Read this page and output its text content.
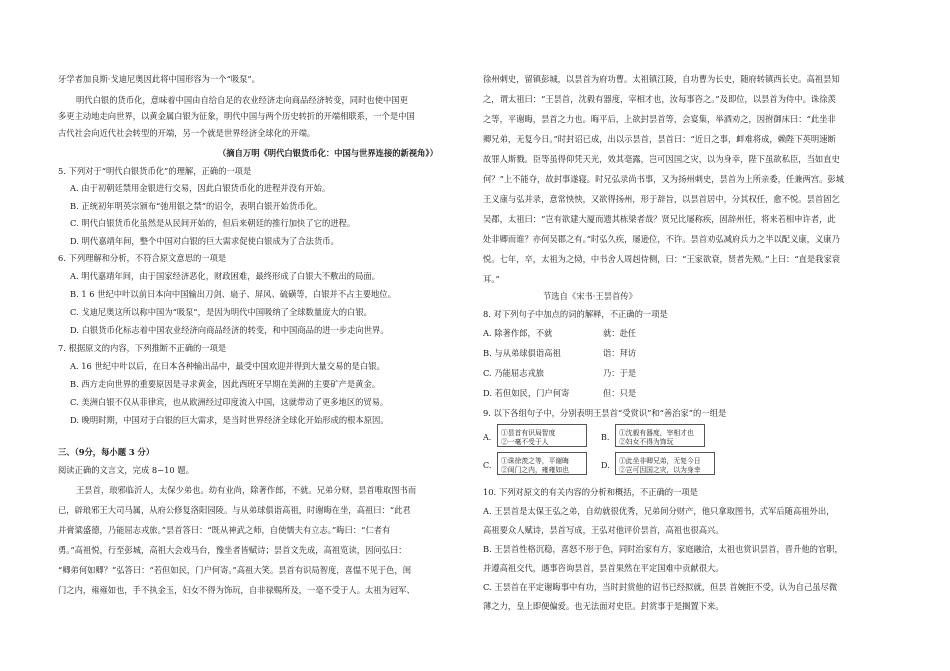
牙学者加良斯·戈迪尼奥因此将中国形容为一个“吸泵”。
明代白银的货币化，意味着中国由自给自足的农业经济走向商品经济转变，同时也使中国更
多更主动地走向世界，以黄金属白银为征象，明代中国与两个历史转折的开端相联系，一个是中国
古代社会向近代社会转型的开端，另一个就是世界经济全球化的开端。
（摘自万明《明代白银货币化：中国与世界连接的新视角》）
5. 下列对于“明代白银货币化”的理解，正确的一项是
A. 由于初朝廷禁用金银进行交易，因此白银货币化的进程并没有开始。
B. 正统初年明英宗颁布“弛用银之禁”的诏令，表明白银开始货币化。
C. 明代白银货币化虽然是从民间开始的，但后来朝廷的推行加快了它的进程。
D. 明代嘉靖年间，整个中国对白银的巨大需求促使白银成为了合法货币。
6. 下列理解和分析，不符合原文意思的一项是
A. 明代嘉靖年间，由于国家经济恶化，财政困难，最终形成了白银大不敷出的局面。
B. 1 6 世纪中叶以前日本向中国输出刀剑、扇子、屏风、硫磺等，白银并不占主要地位。
C. 戈迪尼奥这所以称中国为“吸泵”，是因为明代中国吸纳了全球数量庞大的白银。
D. 白银货币化标志着中国农业经济向商品经济的转变，和中国商品的进一步走向世界。
7. 根据原文的内容，下列推断不正确的一项是
A. 16 世纪中叶以后，在日本各种输出品中，最受中国欢迎并得到大量交易的是白银。
B. 西方走向世界的重要原因是寻求黄金，因此西班牙早期在美洲的主要矿产是黄金。
C. 美洲白银不仅从菲律宾，也从欧洲经过印度流入中国，这就带动了更多地区的贸易。
D. 晚明时期，中国对于白银的巨大需求，是当时世界经济全球化开始形成的根本原因。
三、（9分，每小题 3 分）
阅读正确的文言文，完成 8~10 题。
王昙首，琅邪临沂人，太保少弟也。幼有业尚，除著作郎，不就。兄弟分财，昙首唯取图书而
已，辟琅邪王大司马属，从府公修复洛阳园陵。与从弟球俱诣高祖，时谢晦在坐，高祖曰：“此君
并膏粱盛德，乃能屈志戎旅。”昙首答曰：“既从神武之师，自使懦夫有立志。”晦曰：“仁者有
勇。”高祖悦，行至彭城，高祖大会戏马台，豫坐者皆赋诗；昙首文先成，高祖览读，因问弘曰：
“卿弟何如卿？”弘答曰：“若但如民，门户何寄。”高祖大笑。昙首有识局智度，喜愠不见于色，闺
门之内，雍雍如也，手不执金玉，妇女不得为饰玩，自非禄赐所及，一毫不受于人。太祖为冠军、
徐州刺史，留镇彭城，以昙首为府功曹。太祖镇江陵，自功曹为长史，随府转镇西长史。高祖昙知
之，谓太祖曰：“王昙首，沈毅有器度，宰相才也，汝每事咨之。”及即位，以昙首为侍中。诛徐羡
之等，平谢晦，昙首之力也。晦平后，上欲封昙首等，会宴集，举酒劝之，因拊御床曰：“此坐非
卿兄弟，无复今日。”时封诏已成，出以示昙首，昙首曰：“近日之事，衅难将成，赖陛下英明速断
故罪人斯戮。臣等虽得仰凭天光，效其毫露，岂可因国之灾，以为身幸，陛下虽欲私臣，当如直史
何？”上不能夺，故封事遂寝。时兄弘录尚书事，又为扬州刺史，昙首为上所亲委，任兼两宫。彭城
王义康与弘并录，意常怏怏，又欲得扬州，形于辞旨，以昙首居中，分其权任，愈不悦。昙首固乞
吴郡，太祖曰：“岂有欲建大厦而遗其栋梁者哉？贤兄比屡称疾，固辞州任，将来若相申许者，此
处非卿而谁？亦何吴郡之有。”时弘久疾，屡逊位，不许。昙首劝弘减府兵力之半以配义康，义康乃
悦。七年，卒，太祖为之恸，中书舍人周赳侍侧，曰：“王家欲衰，贤者先殒。”上曰：“直是我家衰
耳。”
节选自《宋书·王昙首传》
8. 对下列句子中加点的词的解释，不正确的一项是
A. 除著作郎，不就	就：赴任
B. 与从弟球俱诣高祖	诣：拜访
C. 乃能屈志戎旅	乃：于是
D. 若但如民，门户何寄	但：只是
9. 以下各组句子中，分别表明王昙首“受赏识”和“善治家”的一组是
A. ①昙首有识局智度
②一毫不受于人	B. ①沈毅有器度，宰相才也
②妇女不得为饰玩
C. ①诛徐羡之等，平谢晦
②闺门之内，雍雍如也	D. ①此坐非卿兄弟，无复今日
②岂可因国之灾，以为身幸
10. 下列对原文的有关内容的分析和概括，不正确的一项是
A. 王昙首是太保王弘之弟，自幼就很优秀，兄弟间分财产，他只拿取图书，式军后随高祖外出，
高祖要众人赋诗，昙首写成，王弘对他评价昙首，高祖也很高兴。
B. 王昙首性格沉稳，喜怒不形于色，同时治家有方，家庭融洽，太祖也赏识昙首，晋升他的官职，
并遵高祖交代，遇事咨询昙首，昙首果然在平定国难中贡献很大。
C. 王昙首在平定谢晦事中有功，当时封赏他的诏书已经拟就，但昙 首婉拒不受，认为自己虽尽微
薄之力，皇上即便偏爱。也无法面对史臣。封赏事于是搁置下来。
